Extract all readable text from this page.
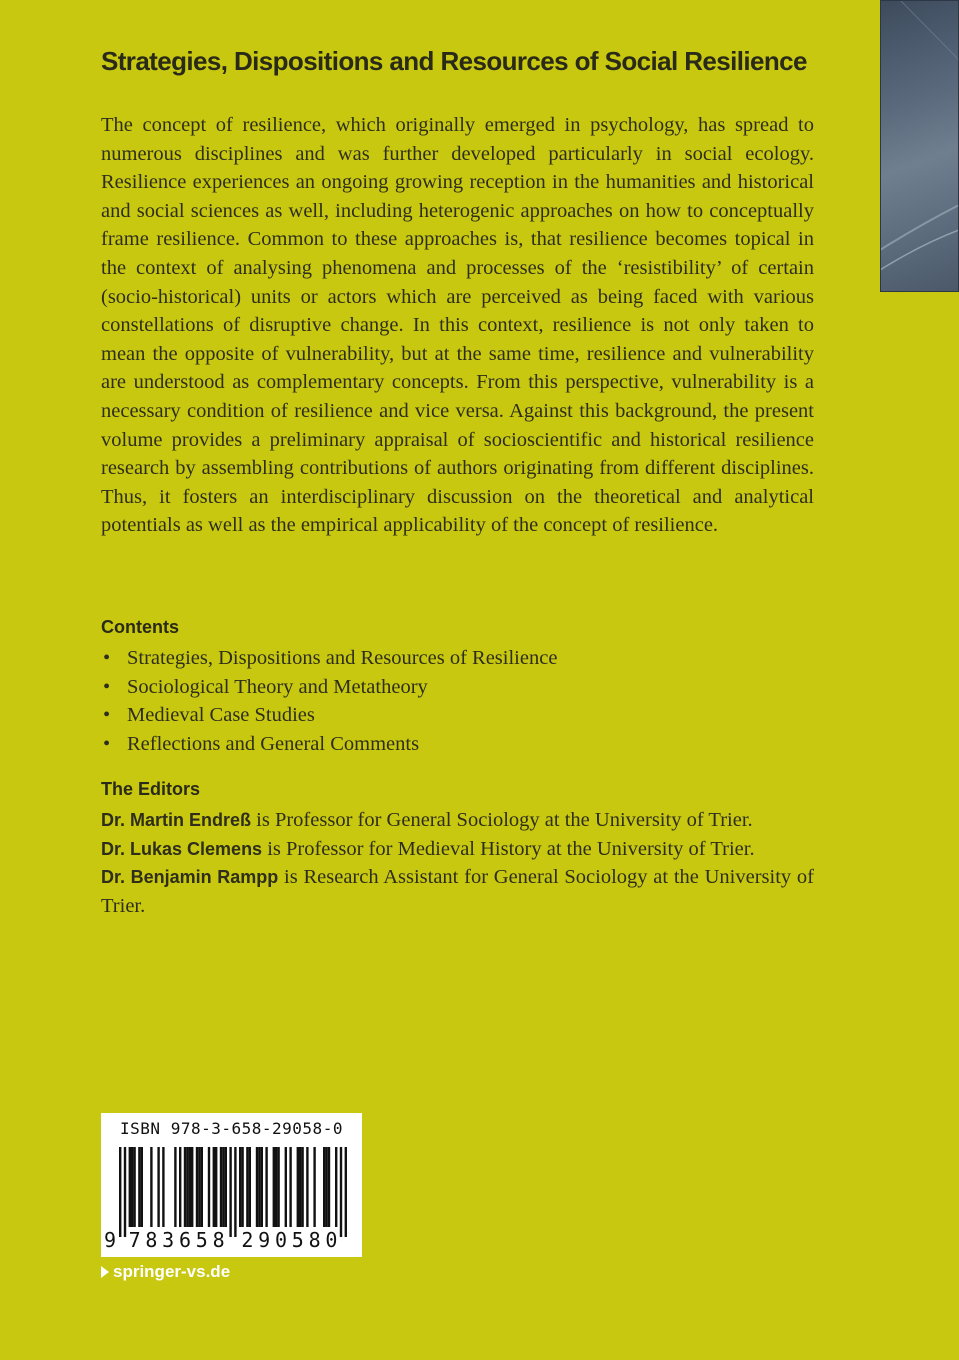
Strategies, Dispositions and Resources of Social Resilience

The concept of resilience, which originally emerged in psychology, has spread to numerous disciplines and was further developed particularly in social ecology. Resilience experiences an ongoing growing reception in the humanities and historical and social sciences as well, including heterogenic approaches on how to conceptually frame resilience. Common to these approaches is, that resilience becomes topical in the context of analysing phenomena and processes of the ‘resistibility’ of certain (socio-historical) units or actors which are perceived as being faced with various constellations of disruptive change. In this context, resilience is not only taken to mean the opposite of vulnerability, but at the same time, resilience and vulnerability are understood as complementary concepts. From this perspective, vulnerability is a necessary condition of resilience and vice versa. Against this background, the present volume provides a preliminary appraisal of socioscientific and historical resilience research by assembling contributions of authors originating from different disciplines. Thus, it fosters an interdisciplinary discussion on the theoretical and analytical potentials as well as the empirical applicability of the concept of resilience.

Contents
• Strategies, Dispositions and Resources of Resilience
• Sociological Theory and Metatheory
• Medieval Case Studies
• Reflections and General Comments
The Editors

Dr. Martin Endreß is Professor for General Sociology at the University of Trier.

Dr. Lukas Clemens is Professor for Medieval History at the University of Trier.

Dr. Benjamin Rampp is Research Assistant for General Sociology at the University of Trier.

ISBN 978-3-658-29058-0
9 7 8 3 6 5 8 2 9 0 5 8 0
springer-vs.de
